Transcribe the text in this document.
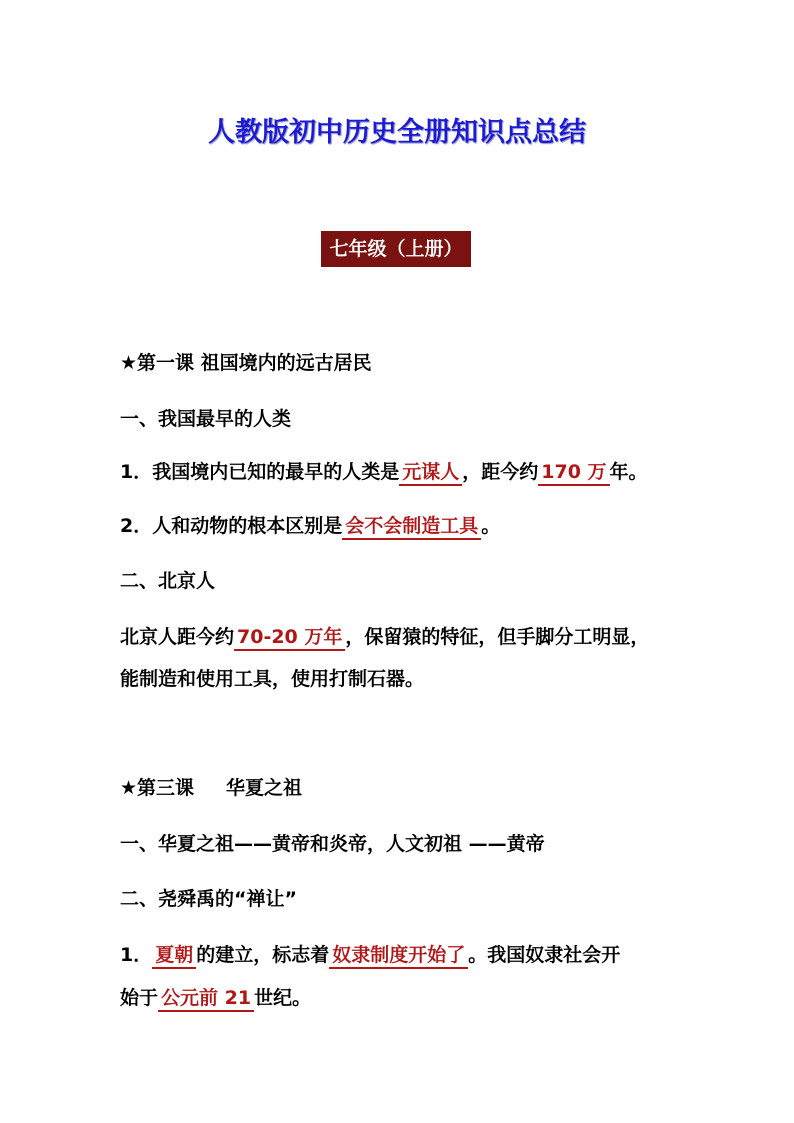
人教版初中历史全册知识点总结
七年级（上册）
★第一课 祖国境内的远古居民
一、我国最早的人类
1．我国境内已知的最早的人类是 元谋人 ，距今约 170 万 年。
2．人和动物的根本区别是 会不会制造工具 。
二、北京人
北京人距今约 70-20 万年 ，保留猿的特征，但手脚分工明显，
能制造和使用工具，使用打制石器。
★第三课 华夏之祖
一、华夏之祖——黄帝和炎帝，人文初祖 ——黄帝
二、尧舜禹的“禅让”
1． 夏朝 的建立，标志着 奴隶制度开始了 。我国奴隶社会开
始于 公元前 21 世纪。
